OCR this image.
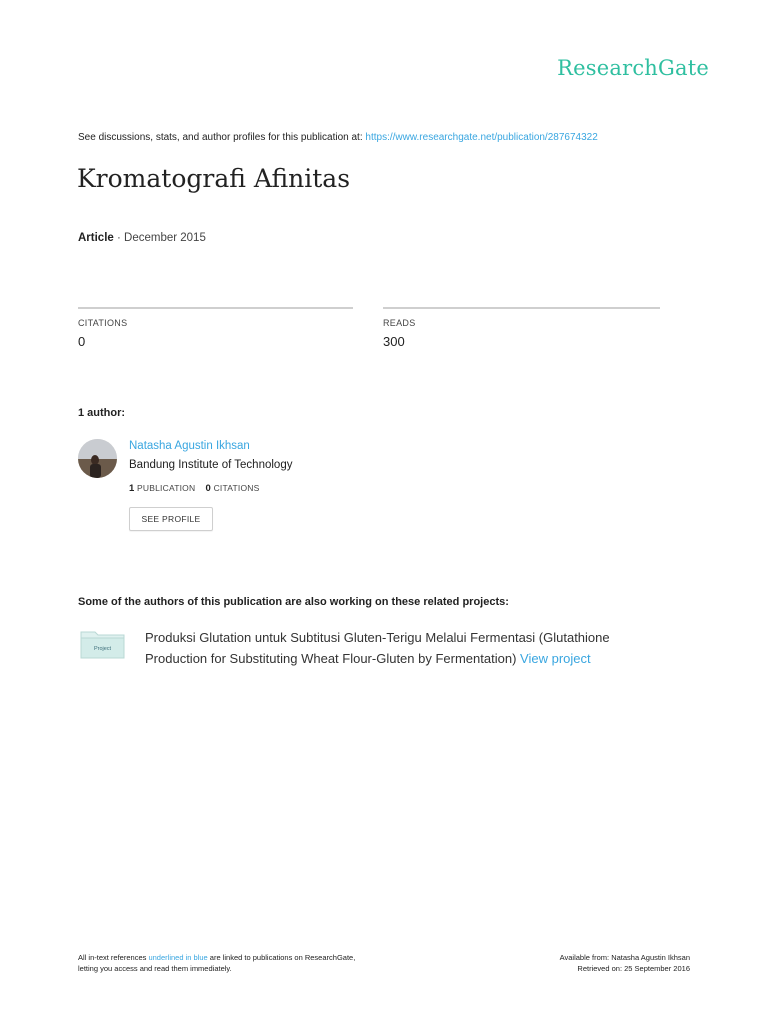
ResearchGate
See discussions, stats, and author profiles for this publication at: https://www.researchgate.net/publication/287674322
Kromatografi Afinitas
Article · December 2015
CITATIONS	READS
0	300
1 author:
Natasha Agustin Ikhsan
Bandung Institute of Technology
1 PUBLICATION 0 CITATIONS
SEE PROFILE
Some of the authors of this publication are also working on these related projects:
Project
Produksi Glutation untuk Subtitusi Gluten-Terigu Melalui Fermentasi (Glutathione Production for Substituting Wheat Flour-Gluten by Fermentation) View project
All in-text references underlined in blue are linked to publications on ResearchGate,
letting you access and read them immediately.
Available from: Natasha Agustin Ikhsan
Retrieved on: 25 September 2016
